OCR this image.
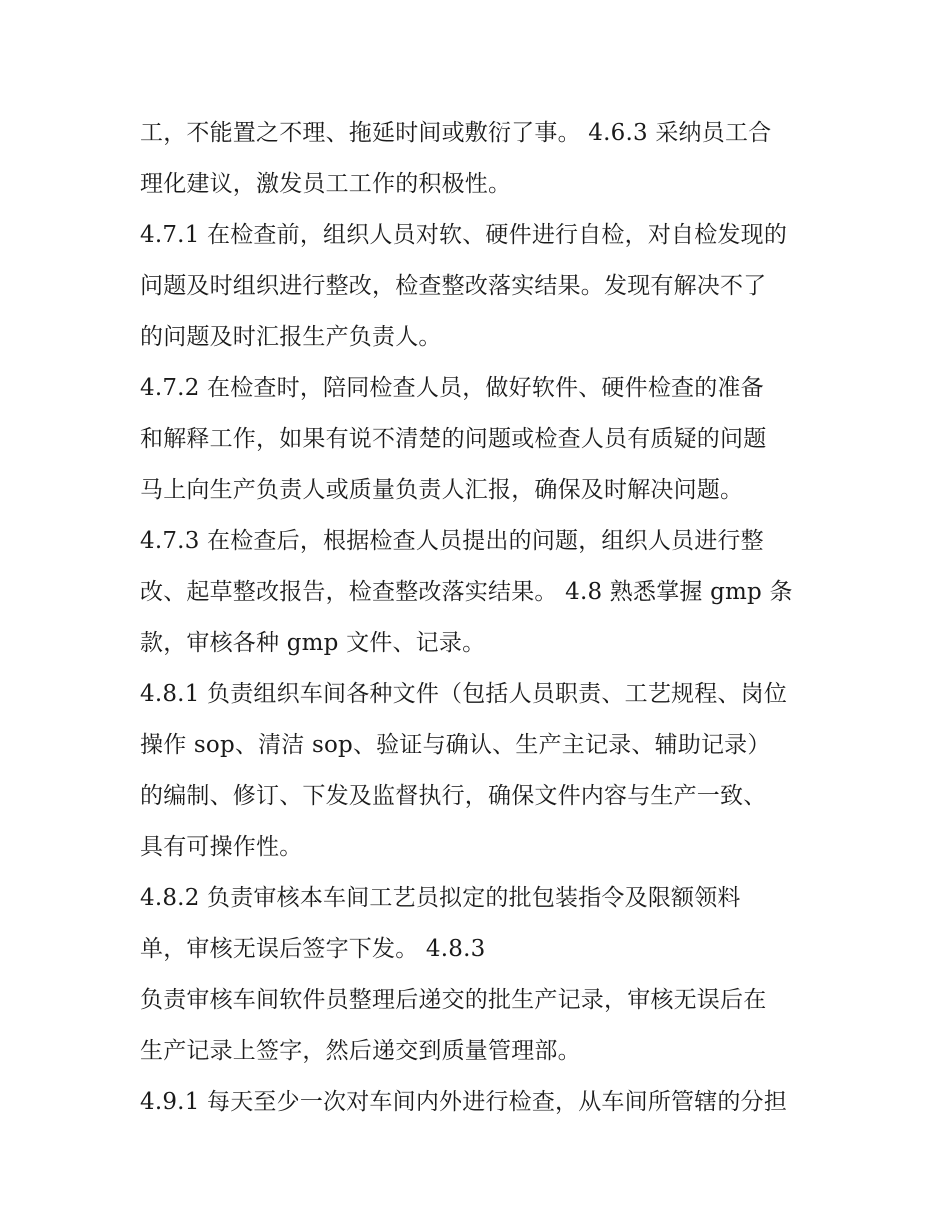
工，不能置之不理、拖延时间或敷衍了事。 4.6.3 采纳员工合
理化建议，激发员工工作的积极性。
4.7.1 在检查前，组织人员对软、硬件进行自检，对自检发现的
问题及时组织进行整改，检查整改落实结果。发现有解决不了
的问题及时汇报生产负责人。
4.7.2 在检查时，陪同检查人员，做好软件、硬件检查的准备
和解释工作，如果有说不清楚的问题或检查人员有质疑的问题
马上向生产负责人或质量负责人汇报，确保及时解决问题。
4.7.3 在检查后，根据检查人员提出的问题，组织人员进行整
改、起草整改报告，检查整改落实结果。 4.8 熟悉掌握 gmp 条
款，审核各种 gmp 文件、记录。
4.8.1 负责组织车间各种文件（包括人员职责、工艺规程、岗位
操作 sop、清洁 sop、验证与确认、生产主记录、辅助记录）
的编制、修订、下发及监督执行，确保文件内容与生产一致、
具有可操作性。
4.8.2 负责审核本车间工艺员拟定的批包装指令及限额领料
单，审核无误后签字下发。 4.8.3
负责审核车间软件员整理后递交的批生产记录，审核无误后在
生产记录上签字，然后递交到质量管理部。
4.9.1 每天至少一次对车间内外进行检查，从车间所管辖的分担
